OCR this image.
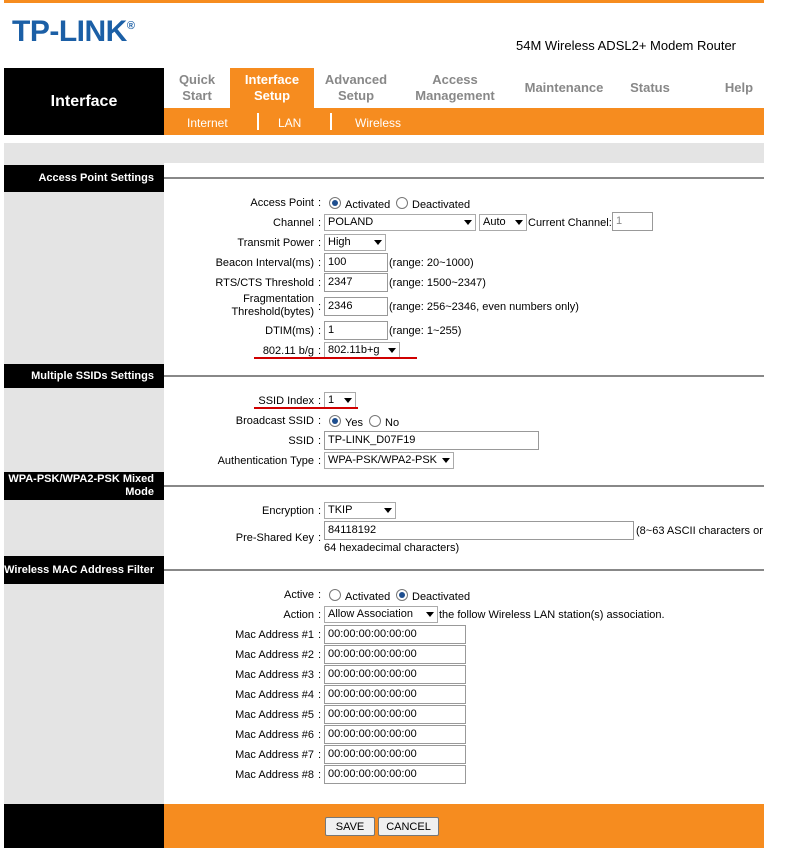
TP-LINK®
54M Wireless ADSL2+ Modem Router
Interface
Quick Start
Interface Setup
Advanced Setup
Access Management
Maintenance Status	Help
Internet	LAN	Wireless
Access Point Settings
Access Point : Activated Deactivated
Channel : POLAND	Auto	Current Channel: 1
Transmit Power : High
Beacon Interval(ms) : 100	(range: 20~1000)
RTS/CTS Threshold : 2347	(range: 1500~2347)
Fragmentation Threshold(bytes) : 2346	(range: 256~2346, even numbers only)
DTIM(ms) : 1	(range: 1~255)
802.11 b/g : 802.11b+g
Multiple SSIDs Settings
SSID Index : 1
Broadcast SSID : Yes No
SSID : TP-LINK_D07F19
Authentication Type : WPA-PSK/WPA2-PSK
WPA-PSK/WPA2-PSK Mixed Mode
Encryption : TKIP
Pre-Shared Key :
84118192	(8~63 ASCII characters or
64 hexadecimal characters)
Wireless MAC Address Filter
Active : Activated Deactivated
Action : Allow Association	the follow Wireless LAN station(s) association.
Mac Address #1 : 00:00:00:00:00:00
Mac Address #2 : 00:00:00:00:00:00
Mac Address #3 : 00:00:00:00:00:00
Mac Address #4 : 00:00:00:00:00:00
Mac Address #5 : 00:00:00:00:00:00
Mac Address #6 : 00:00:00:00:00:00
Mac Address #7 : 00:00:00:00:00:00
Mac Address #8 : 00:00:00:00:00:00
SAVE	CANCEL
